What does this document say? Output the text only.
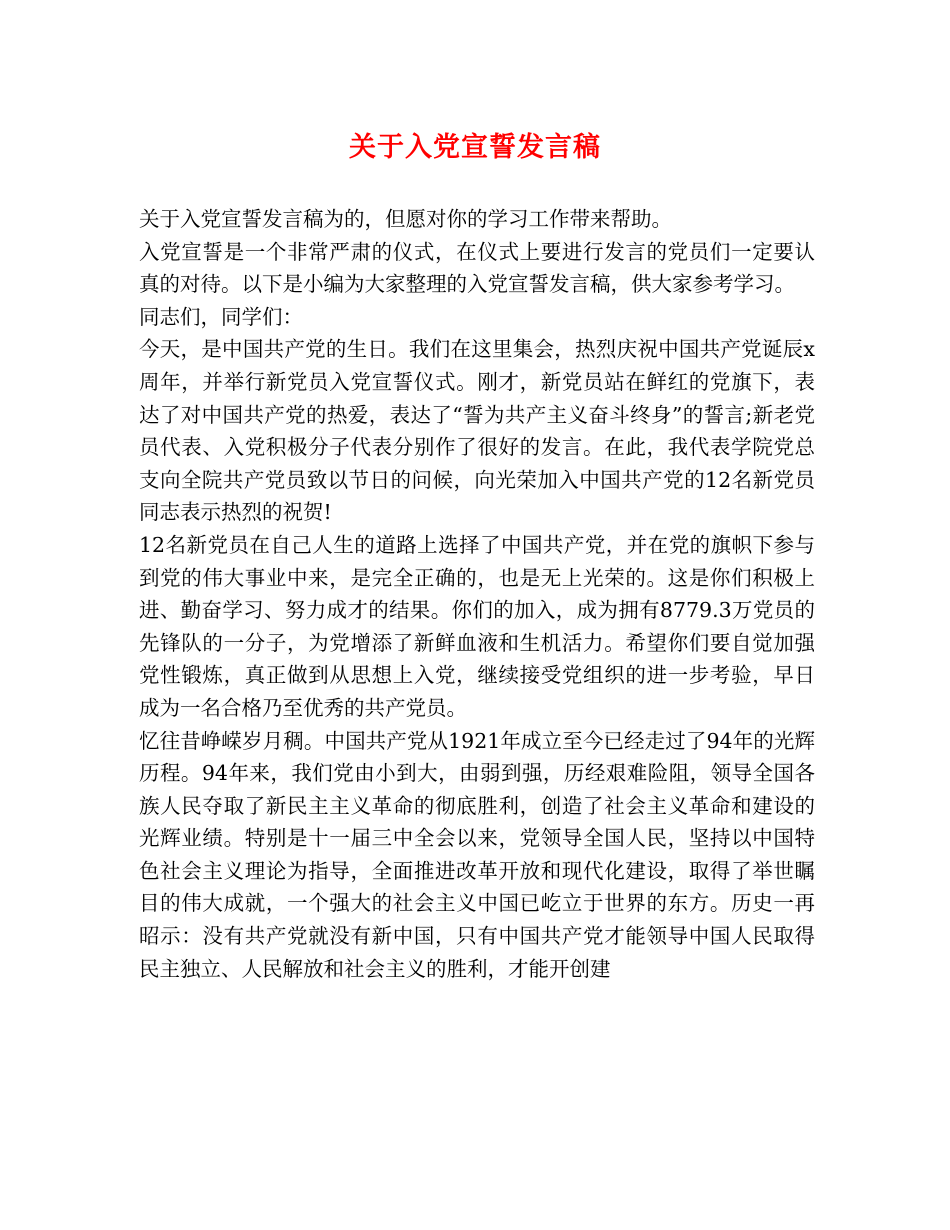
关于入党宣誓发言稿

关于入党宣誓发言稿为的，但愿对你的学习工作带来帮助。

入党宣誓是一个非常严肃的仪式，在仪式上要进行发言的党员们一定要认真的对待。以下是小编为大家整理的入党宣誓发言稿，供大家参考学习。

同志们，同学们：

今天，是中国共产党的生日。我们在这里集会，热烈庆祝中国共产党诞辰x周年，并举行新党员入党宣誓仪式。刚才，新党员站在鲜红的党旗下，表达了对中国共产党的热爱，表达了“誓为共产主义奋斗终身”的誓言;新老党员代表、入党积极分子代表分别作了很好的发言。在此，我代表学院党总支向全院共产党员致以节日的问候，向光荣加入中国共产党的12名新党员同志表示热烈的祝贺!

12名新党员在自己人生的道路上选择了中国共产党，并在党的旗帜下参与到党的伟大事业中来，是完全正确的，也是无上光荣的。这是你们积极上进、勤奋学习、努力成才的结果。你们的加入，成为拥有8779.3万党员的先锋队的一分子，为党增添了新鲜血液和生机活力。希望你们要自觉加强党性锻炼，真正做到从思想上入党，继续接受党组织的进一步考验，早日成为一名合格乃至优秀的共产党员。

忆往昔峥嵘岁月稠。中国共产党从1921年成立至今已经走过了94年的光辉历程。94年来，我们党由小到大，由弱到强，历经艰难险阻，领导全国各族人民夺取了新民主主义革命的彻底胜利，创造了社会主义革命和建设的光辉业绩。特别是十一届三中全会以来，党领导全国人民，坚持以中国特色社会主义理论为指导，全面推进改革开放和现代化建设，取得了举世瞩目的伟大成就，一个强大的社会主义中国已屹立于世界的东方。历史一再昭示：没有共产党就没有新中国，只有中国共产党才能领导中国人民取得民主独立、人民解放和社会主义的胜利，才能开创建
